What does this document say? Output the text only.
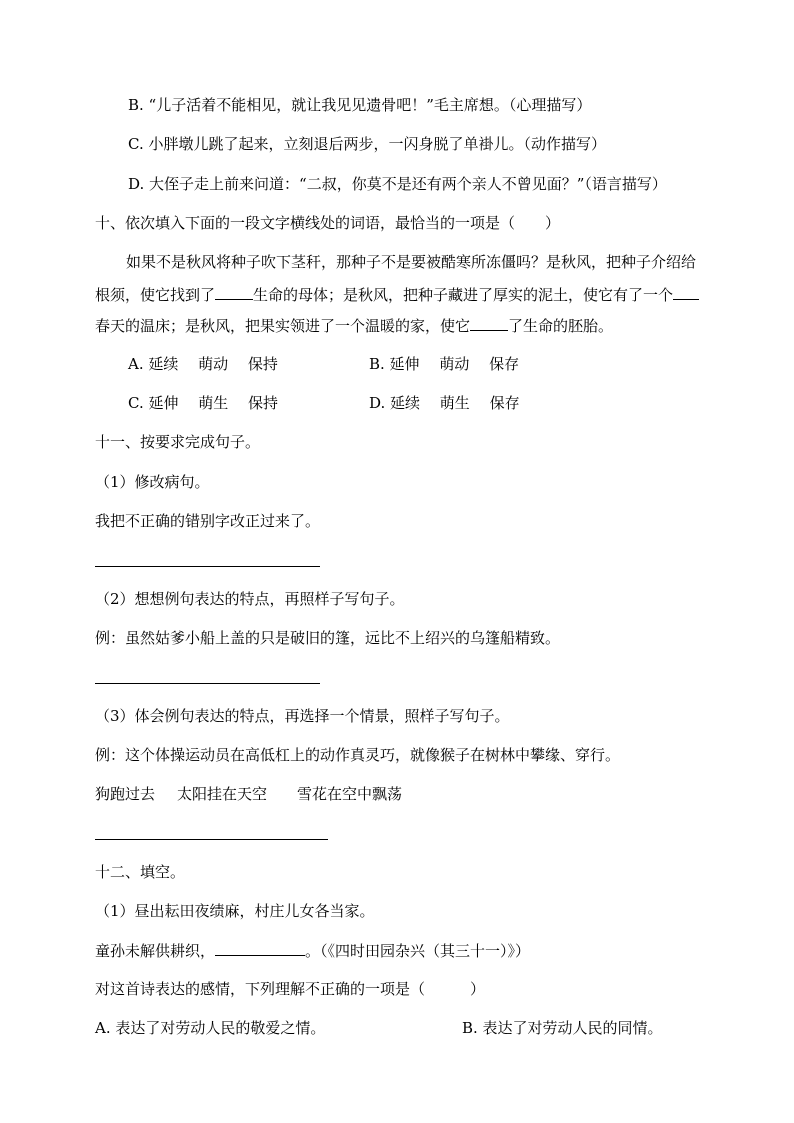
B. “儿子活着不能相见，就让我见见遗骨吧！”毛主席想。（心理描写）
C. 小胖墩儿跳了起来，立刻退后两步，一闪身脱了单褂儿。（动作描写）
D. 大侄子走上前来问道：“二叔，你莫不是还有两个亲人不曾见面？”（语言描写）
十、依次填入下面的一段文字横线处的词语，最恰当的一项是（　　）
如果不是秋风将种子吹下茎秆，那种子不是要被酷寒所冻僵吗？是秋风，把种子介绍给
根须，使它找到了	生命的母体；是秋风，把种子藏进了厚实的泥土，使它有了一个
春天的温床；是秋风，把果实领进了一个温暖的家，使它	了生命的胚胎。
A. 延续　 萌动　 保持	B. 延伸　 萌动　 保存
C. 延伸　 萌生　 保持	D. 延续　 萌生　 保存
十一、按要求完成句子。
（1）修改病句。
我把不正确的错别字改正过来了。
（2）想想例句表达的特点，再照样子写句子。
例：虽然姑爹小船上盖的只是破旧的篷，远比不上绍兴的乌篷船精致。
（3）体会例句表达的特点，再选择一个情景，照样子写句子。
例：这个体操运动员在高低杠上的动作真灵巧，就像猴子在树林中攀缘、穿行。
狗跑过去 太阳挂在天空 雪花在空中飘荡
十二、填空。
（1）昼出耘田夜绩麻，村庄儿女各当家。
童孙未解供耕织，	。（《四时田园杂兴（其三十一）》）
对这首诗表达的感情，下列理解不正确的一项是（　　　）
A. 表达了对劳动人民的敬爱之情。	B. 表达了对劳动人民的同情。
